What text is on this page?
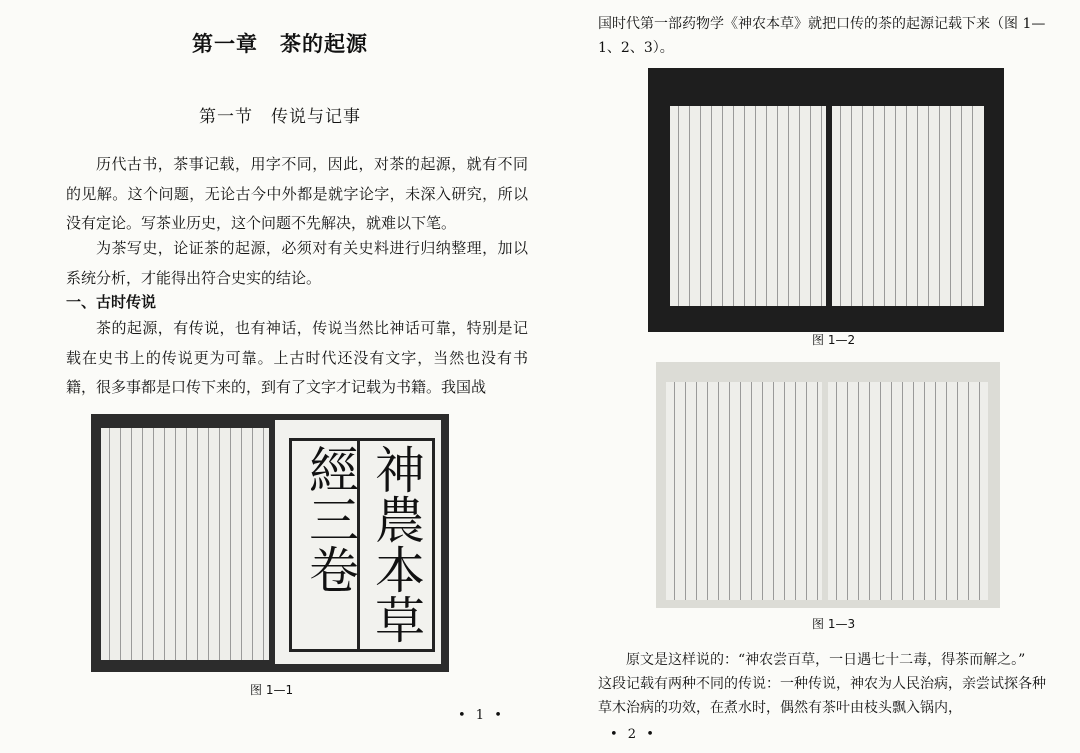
第一章　茶的起源
第一节　传说与记事

历代古书，茶事记载，用字不同，因此，对茶的起源，就有不同的见解。这个问题，无论古今中外都是就字论字，未深入研究，所以没有定论。写茶业历史，这个问题不先解决，就难以下笔。

为茶写史，论证茶的起源，必须对有关史料进行归纳整理，加以系统分析，才能得出符合史实的结论。

一、古时传说

茶的起源，有传说，也有神话，传说当然比神话可靠，特别是记载在史书上的传说更为可靠。上古时代还没有文字，当然也没有书籍，很多事都是口传下来的，到有了文字才记载为书籍。我国战

神農本草經三卷
图 1—1
• 1 •

国时代第一部药物学《神农本草》就把口传的茶的起源记载下来（图 1—1、2、3）。

图 1—2
图 1—3

原文是这样说的：“神农尝百草，一日遇七十二毒，得茶而解之。”
这段记载有两种不同的传说：一种传说，神农为人民治病，亲尝试探各种草木治病的功效，在煮水时，偶然有茶叶由枝头飘入锅内，

• 2 •
